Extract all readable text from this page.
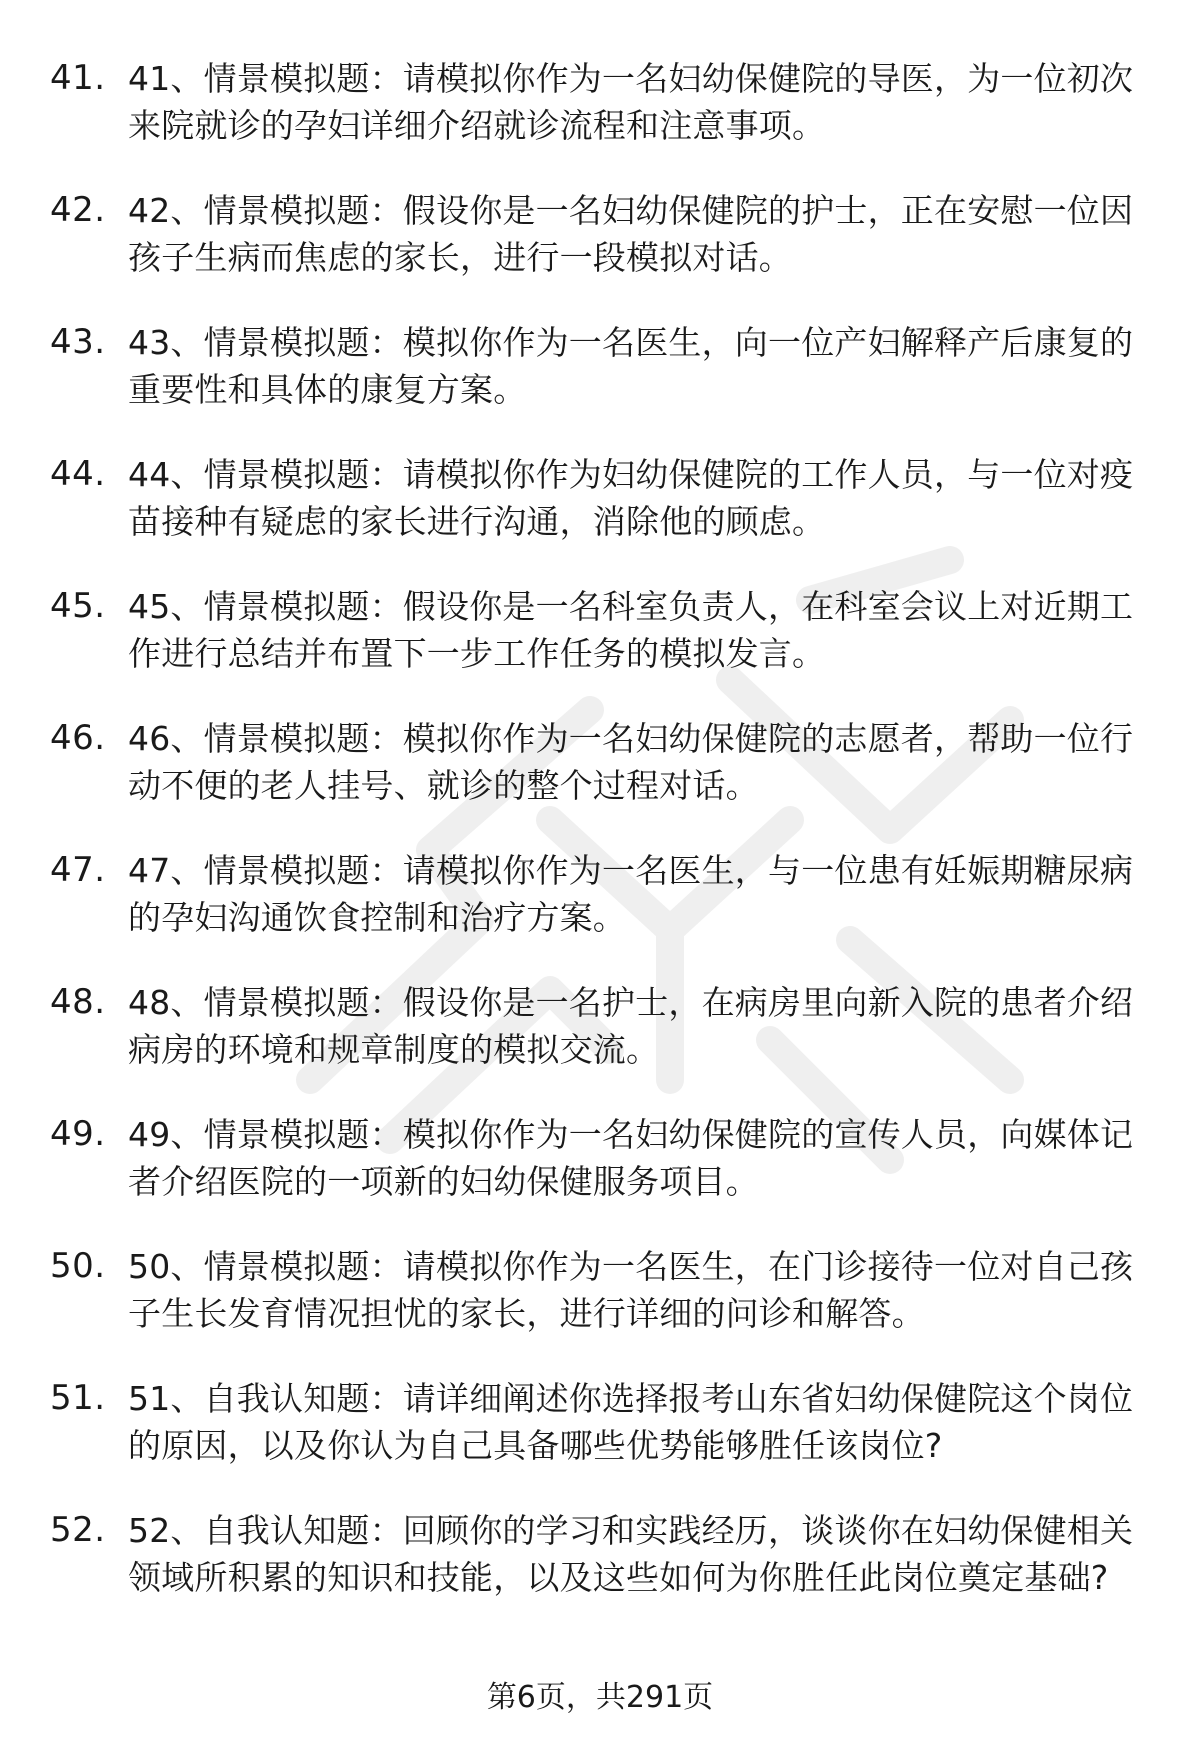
41. 41、情景模拟题：请模拟你作为一名妇幼保健院的导医，为一位初次来院就诊的孕妇详细介绍就诊流程和注意事项。
42. 42、情景模拟题：假设你是一名妇幼保健院的护士，正在安慰一位因孩子生病而焦虑的家长，进行一段模拟对话。
43. 43、情景模拟题：模拟你作为一名医生，向一位产妇解释产后康复的重要性和具体的康复方案。
44. 44、情景模拟题：请模拟你作为妇幼保健院的工作人员，与一位对疫苗接种有疑虑的家长进行沟通，消除他的顾虑。
45. 45、情景模拟题：假设你是一名科室负责人，在科室会议上对近期工作进行总结并布置下一步工作任务的模拟发言。
46. 46、情景模拟题：模拟你作为一名妇幼保健院的志愿者，帮助一位行动不便的老人挂号、就诊的整个过程对话。
47. 47、情景模拟题：请模拟你作为一名医生，与一位患有妊娠期糖尿病的孕妇沟通饮食控制和治疗方案。
48. 48、情景模拟题：假设你是一名护士，在病房里向新入院的患者介绍病房的环境和规章制度的模拟交流。
49. 49、情景模拟题：模拟你作为一名妇幼保健院的宣传人员，向媒体记者介绍医院的一项新的妇幼保健服务项目。
50. 50、情景模拟题：请模拟你作为一名医生，在门诊接待一位对自己孩子生长发育情况担忧的家长，进行详细的问诊和解答。
51. 51、自我认知题：请详细阐述你选择报考山东省妇幼保健院这个岗位的原因，以及你认为自己具备哪些优势能够胜任该岗位?
52. 52、自我认知题：回顾你的学习和实践经历，谈谈你在妇幼保健相关领域所积累的知识和技能，以及这些如何为你胜任此岗位奠定基础?
第6页，共291页
